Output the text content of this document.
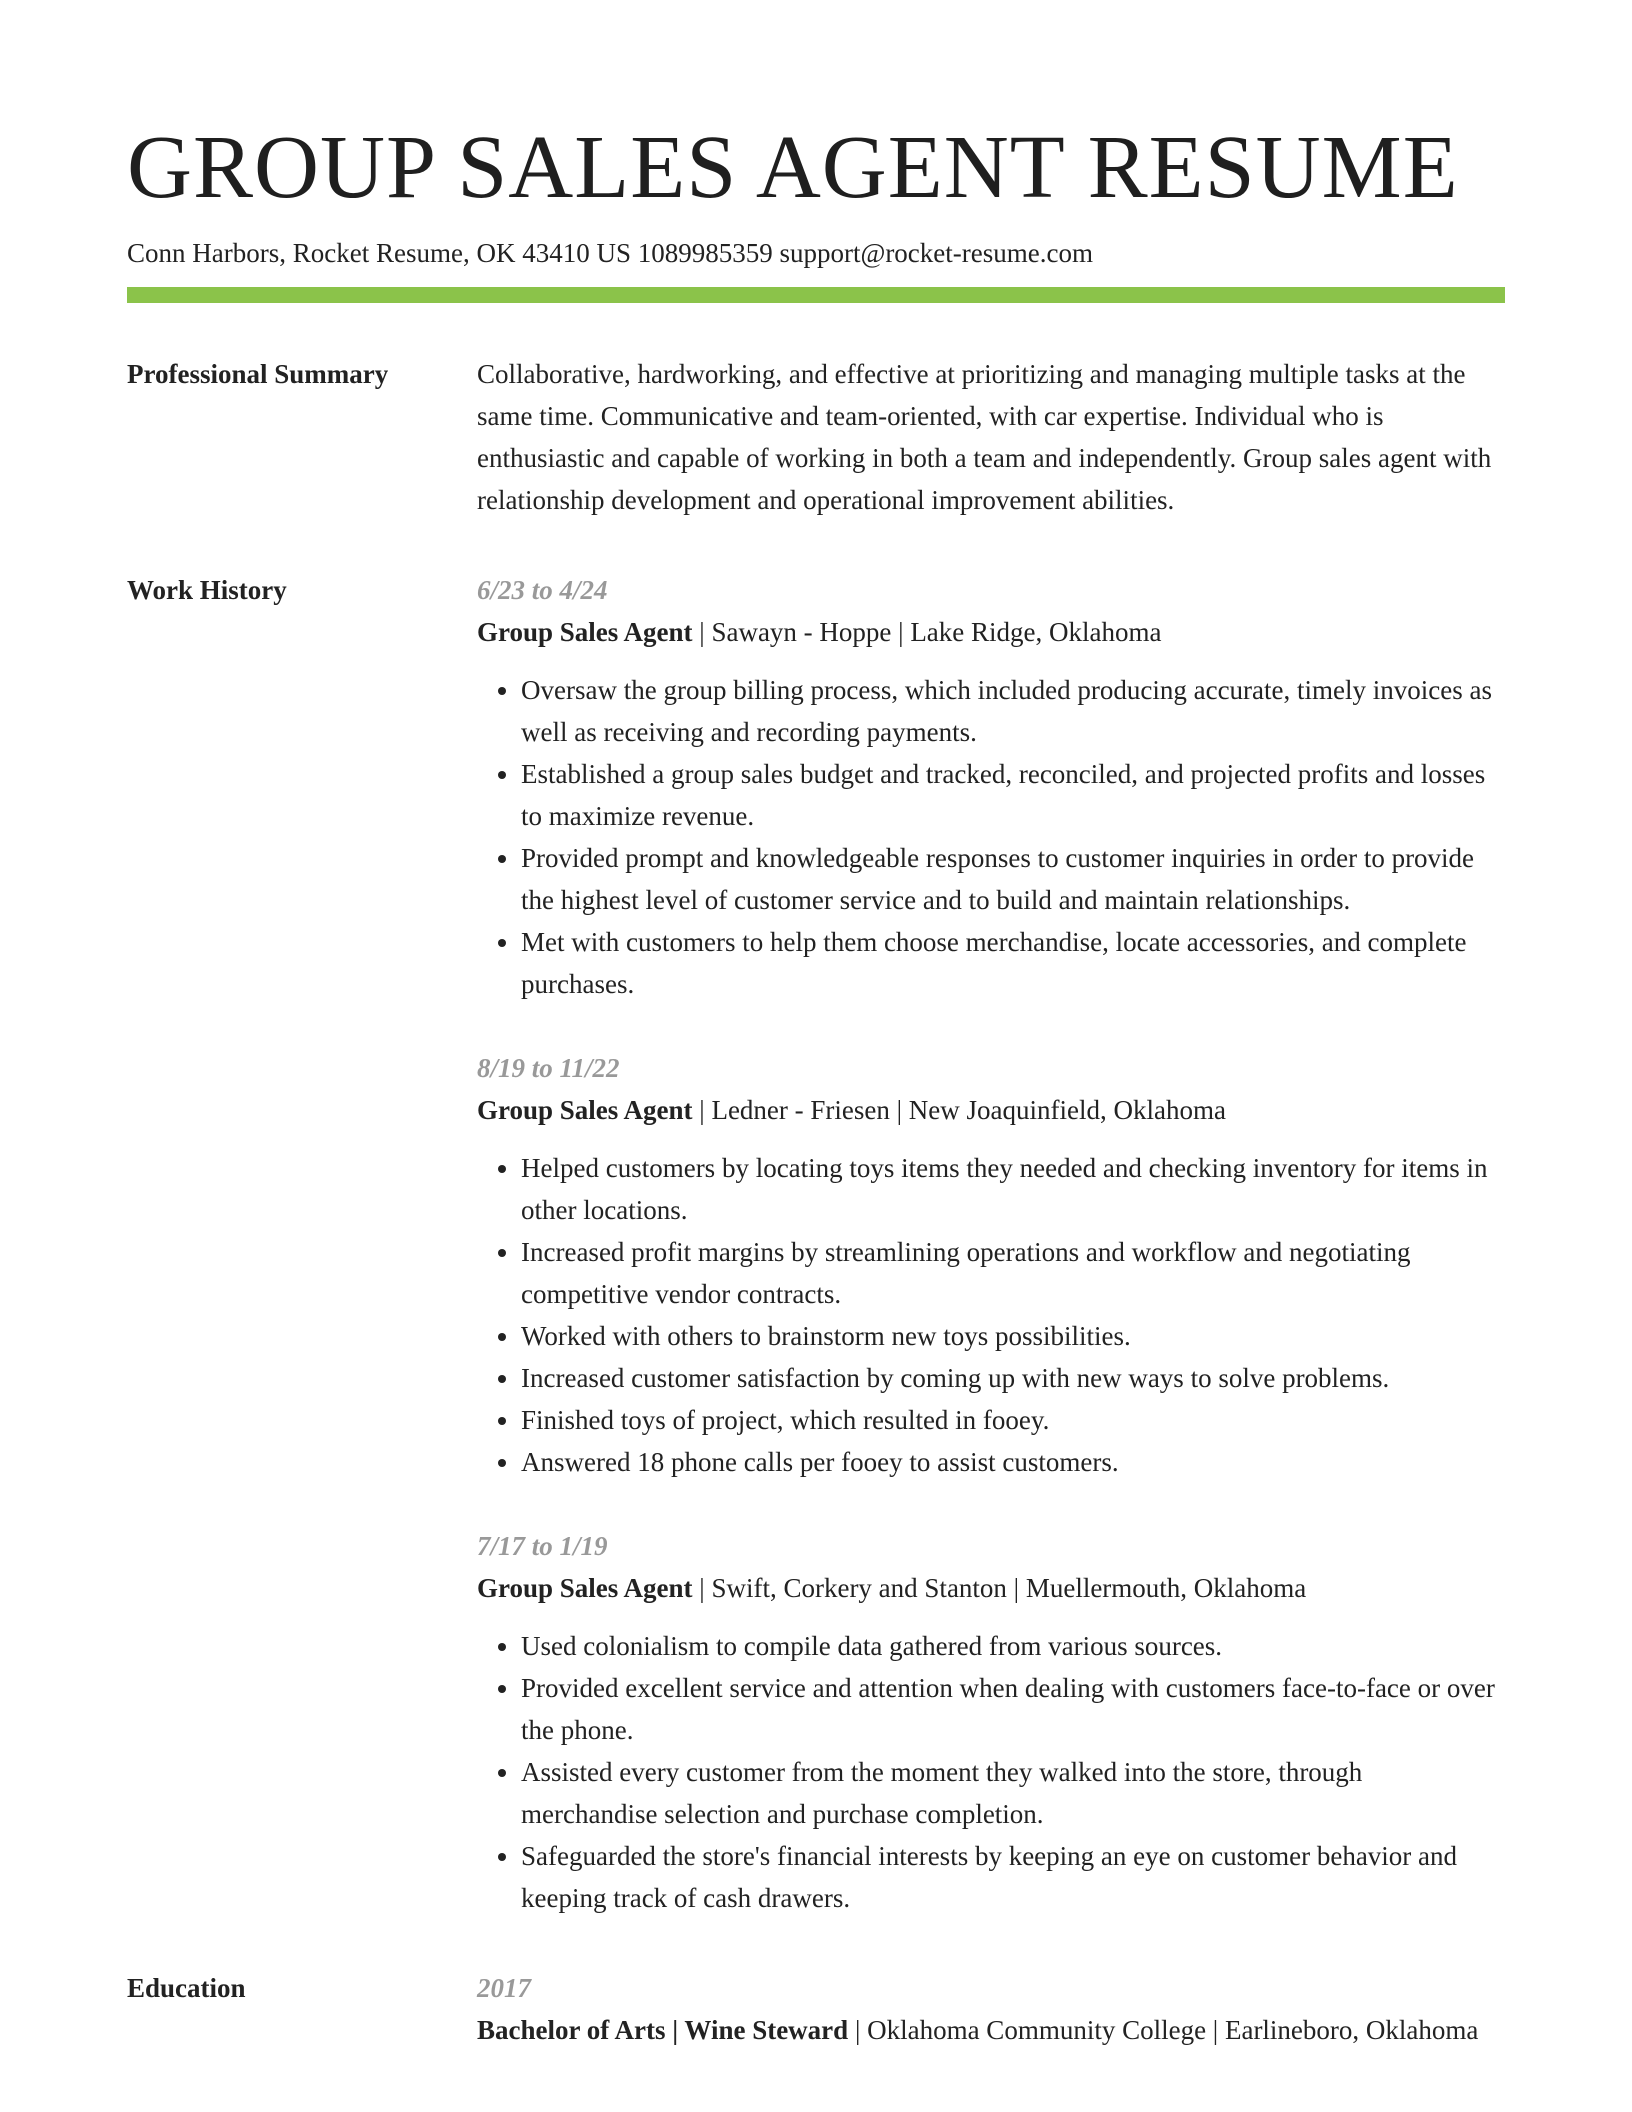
GROUP SALES AGENT RESUME
Conn Harbors, Rocket Resume, OK 43410 US 1089985359 support@rocket-resume.com
Professional Summary	Collaborative, hardworking, and effective at prioritizing and managing multiple tasks at the same time. Communicative and team-oriented, with car expertise. Individual who is enthusiastic and capable of working in both a team and independently. Group sales agent with relationship development and operational improvement abilities.
Work History	6/23 to 4/24
Group Sales Agent | Sawayn - Hoppe | Lake Ridge, Oklahoma
• Oversaw the group billing process, which included producing accurate, timely invoices as well as receiving and recording payments.
• Established a group sales budget and tracked, reconciled, and projected profits and losses to maximize revenue.
• Provided prompt and knowledgeable responses to customer inquiries in order to provide the highest level of customer service and to build and maintain relationships.
• Met with customers to help them choose merchandise, locate accessories, and complete purchases.
8/19 to 11/22
Group Sales Agent | Ledner - Friesen | New Joaquinfield, Oklahoma
• Helped customers by locating toys items they needed and checking inventory for items in other locations.
• Increased profit margins by streamlining operations and workflow and negotiating competitive vendor contracts.
• Worked with others to brainstorm new toys possibilities.
• Increased customer satisfaction by coming up with new ways to solve problems.
• Finished toys of project, which resulted in fooey.
• Answered 18 phone calls per fooey to assist customers.
7/17 to 1/19
Group Sales Agent | Swift, Corkery and Stanton | Muellermouth, Oklahoma
• Used colonialism to compile data gathered from various sources.
• Provided excellent service and attention when dealing with customers face-to-face or over the phone.
• Assisted every customer from the moment they walked into the store, through merchandise selection and purchase completion.
• Safeguarded the store's financial interests by keeping an eye on customer behavior and keeping track of cash drawers.
Education	2017
Bachelor of Arts | Wine Steward | Oklahoma Community College | Earlineboro, Oklahoma
